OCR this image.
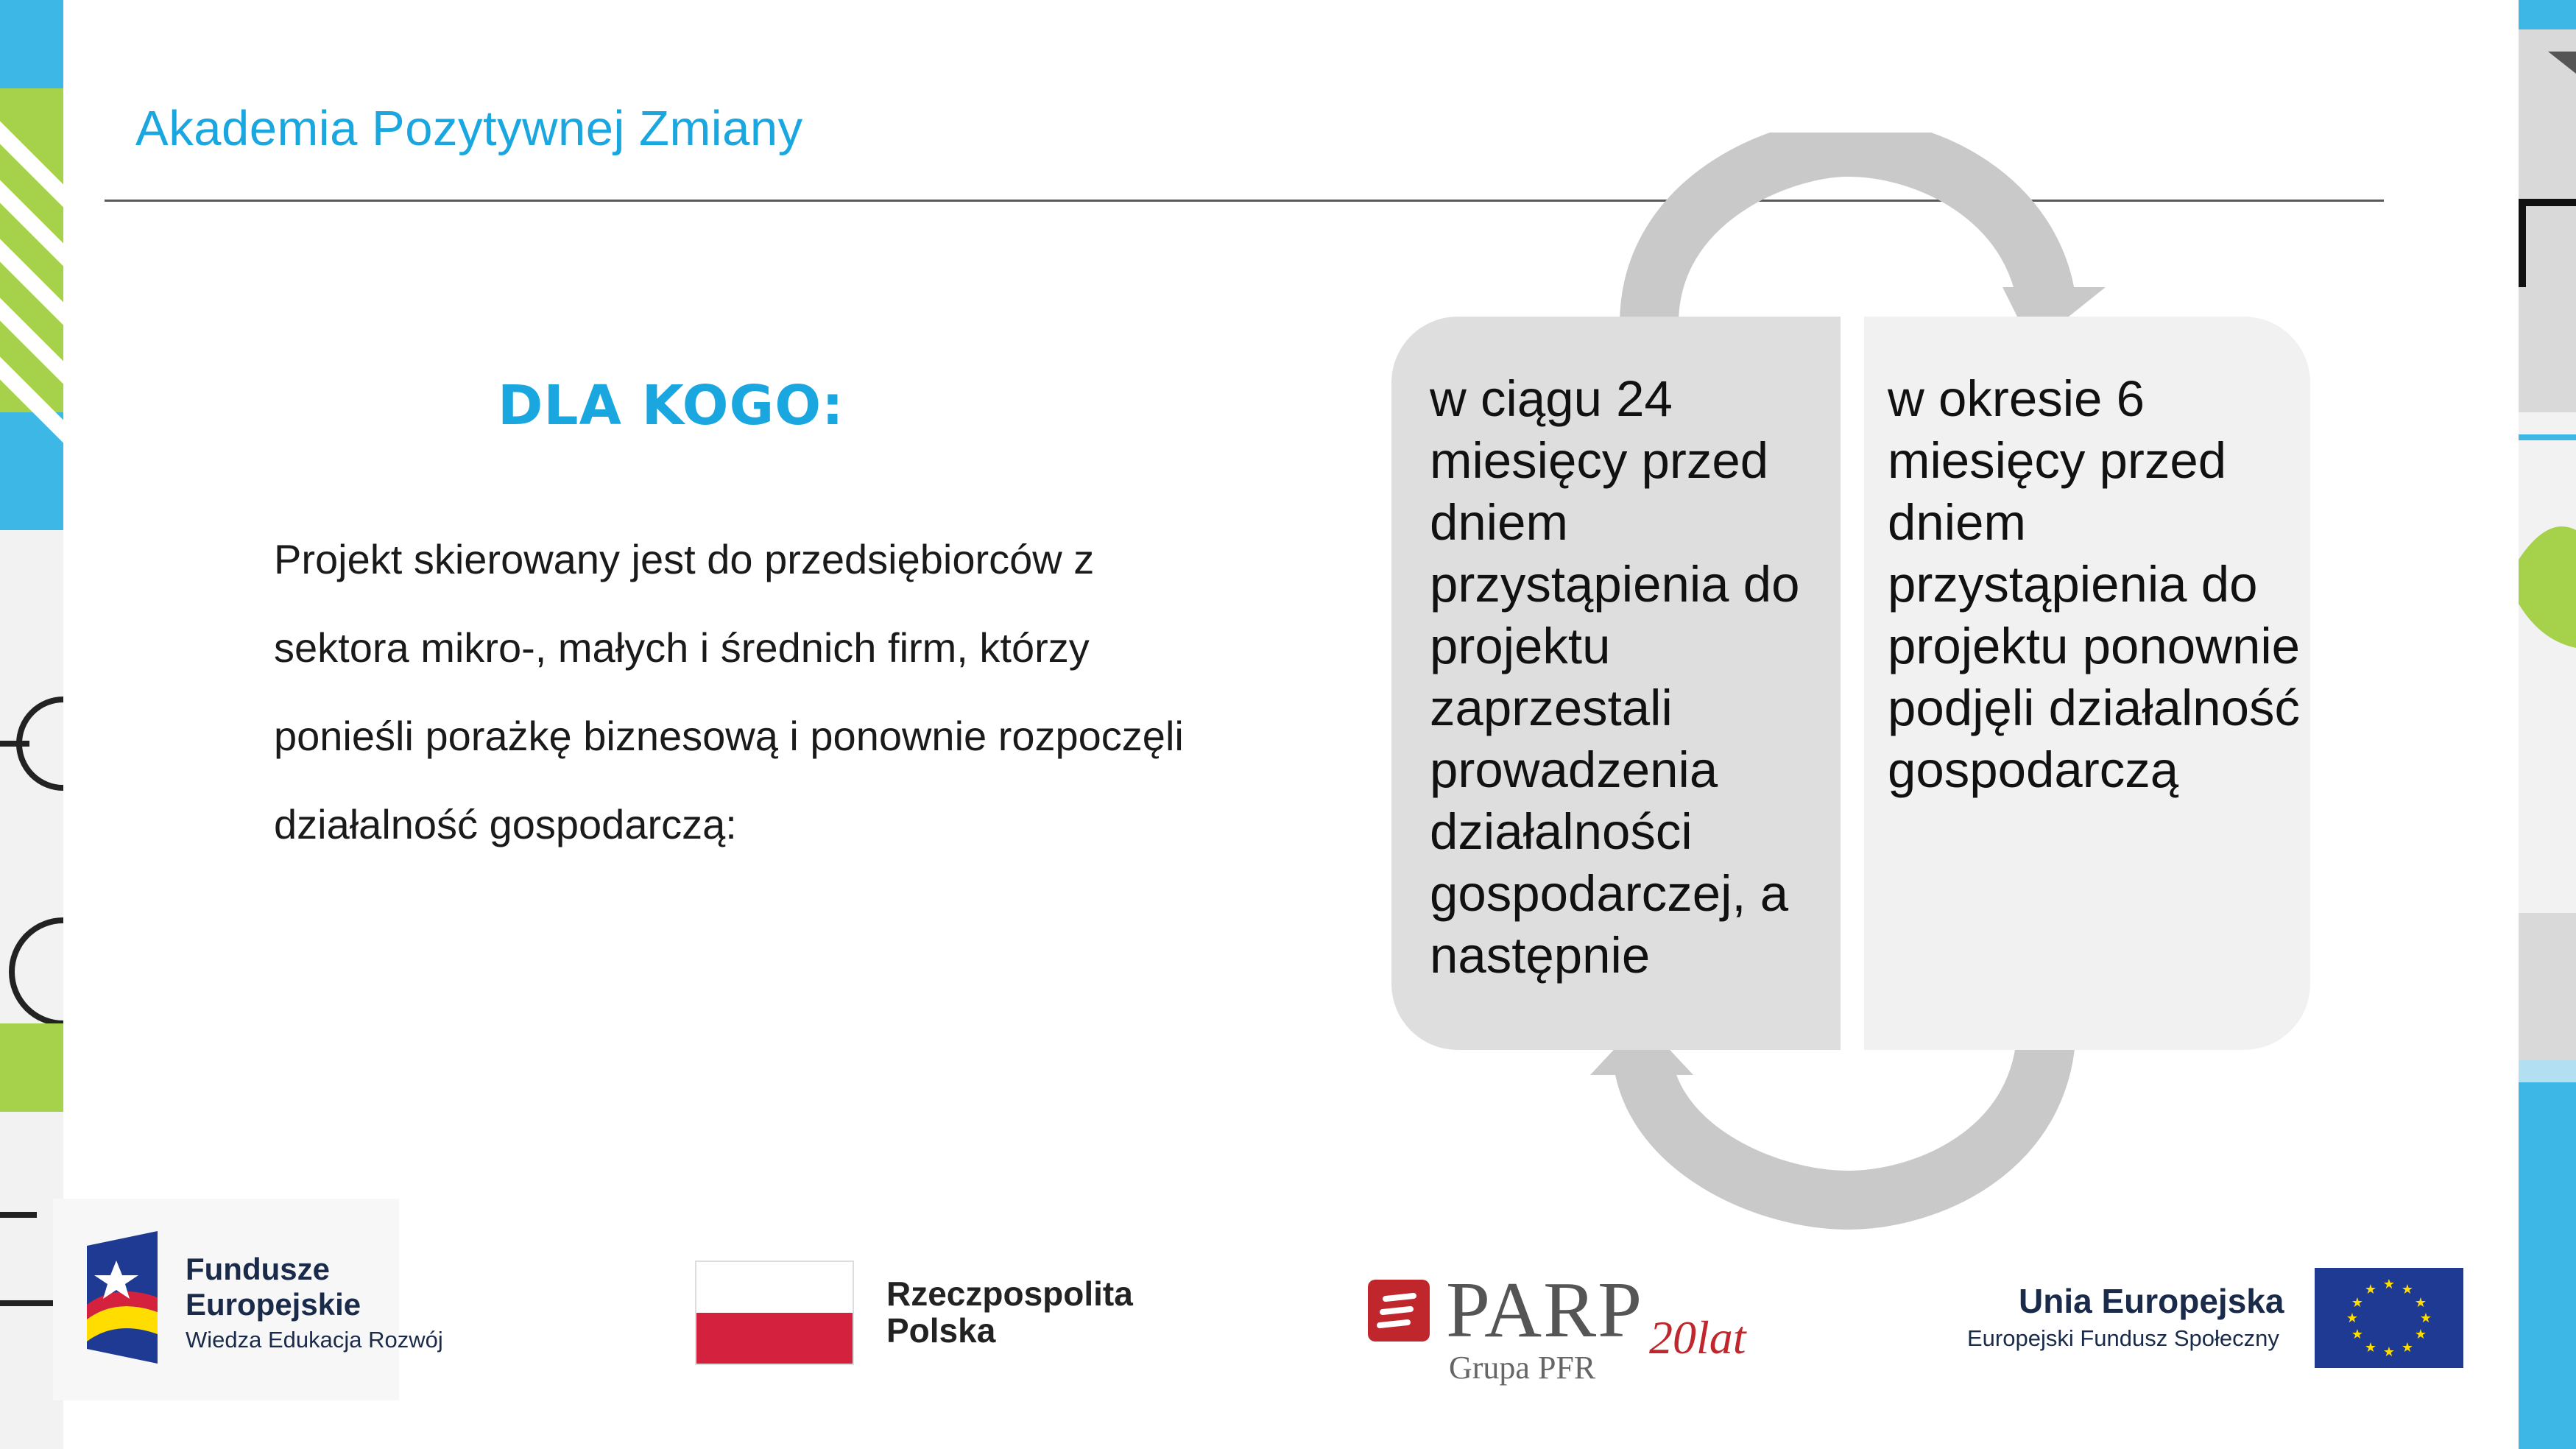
Akademia Pozytywnej Zmiany
DLA KOGO:
Projekt skierowany jest do przedsiębiorców z sektora mikro-, małych i średnich firm, którzy ponieśli porażkę biznesową i ponownie rozpoczęli działalność gospodarczą:
w ciągu 24 miesięcy przed dniem przystąpienia do projektu zaprzestali prowadzenia działalności gospodarczej, a następnie
w okresie 6 miesięcy przed dniem przystąpienia do projektu ponownie podjęli działalność gospodarczą
Fundusze
Europejskie
Wiedza Edukacja Rozwój
Rzeczpospolita
Polska	PARP 20lat
Grupa PFR
Unia Europejska
Europejski Fundusz Społeczny
★ ★
★
★
★
★
★
★
★
★
★
★
